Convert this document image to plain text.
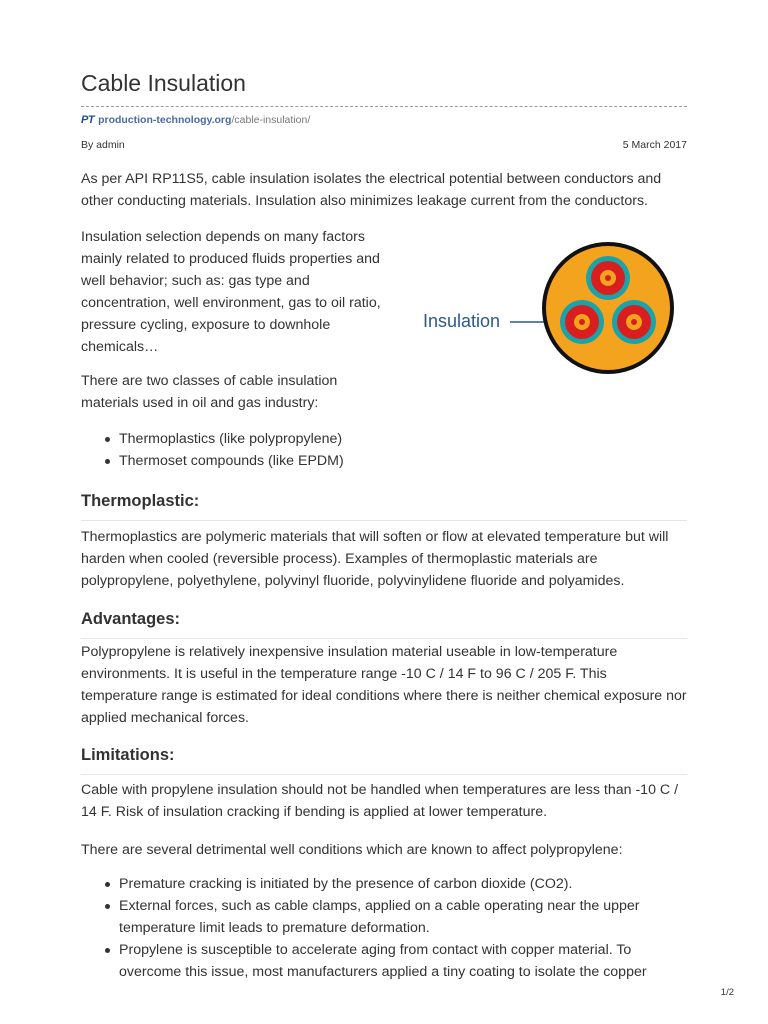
Cable Insulation
PT production-technology.org /cable-insulation/
By admin	5 March 2017

As per API RP11S5, cable insulation isolates the electrical potential between conductors and other conducting materials. Insulation also minimizes leakage current from the conductors.

Insulation selection depends on many factors mainly related to produced fluids properties and well behavior; such as: gas type and concentration, well environment, gas to oil ratio, pressure cycling, exposure to downhole chemicals…

There are two classes of cable insulation materials used in oil and gas industry:

Thermoplastics (like polypropylene)
Thermoset compounds (like EPDM)
Thermoplastic:

Thermoplastics are polymeric materials that will soften or flow at elevated temperature but will harden when cooled (reversible process). Examples of thermoplastic materials are polypropylene, polyethylene, polyvinyl fluoride, polyvinylidene fluoride and polyamides.

Advantages:

Polypropylene is relatively inexpensive insulation material useable in low-temperature environments. It is useful in the temperature range -10 C / 14 F to 96 C / 205 F. This temperature range is estimated for ideal conditions where there is neither chemical exposure nor applied mechanical forces.

Limitations:

Cable with propylene insulation should not be handled when temperatures are less than -10 C / 14 F. Risk of insulation cracking if bending is applied at lower temperature.

There are several detrimental well conditions which are known to affect polypropylene:

Premature cracking is initiated by the presence of carbon dioxide (CO2).
External forces, such as cable clamps, applied on a cable operating near the upper temperature limit leads to premature deformation.
Propylene is susceptible to accelerate aging from contact with copper material. To overcome this issue, most manufacturers applied a tiny coating to isolate the copper
Insulation
1/2
